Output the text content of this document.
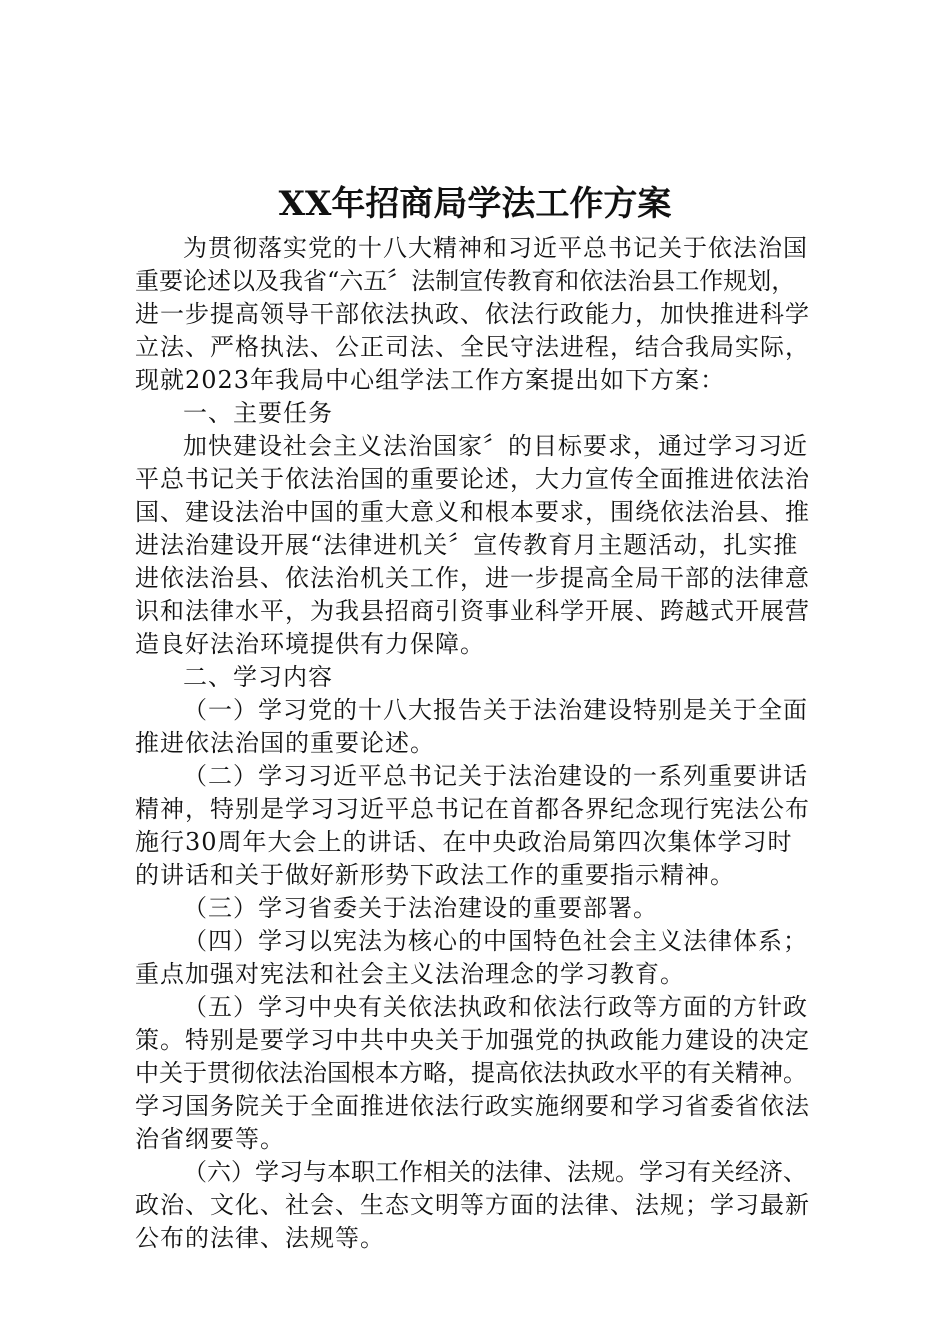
XX年招商局学法工作方案

为贯彻落实党的十八大精神和习近平总书记关于依法治国
重要论述以及我省“六五〞法制宣传教育和依法治县工作规划，
进一步提高领导干部依法执政、依法行政能力，加快推进科学
立法、严格执法、公正司法、全民守法进程，结合我局实际，
现就2023年我局中心组学法工作方案提出如下方案：

一、主要任务

加快建设社会主义法治国家〞的目标要求，通过学习习近
平总书记关于依法治国的重要论述，大力宣传全面推进依法治
国、建设法治中国的重大意义和根本要求，围绕依法治县、推
进法治建设开展“法律进机关〞宣传教育月主题活动，扎实推
进依法治县、依法治机关工作，进一步提高全局干部的法律意
识和法律水平，为我县招商引资事业科学开展、跨越式开展营
造良好法治环境提供有力保障。

二、学习内容

（一）学习党的十八大报告关于法治建设特别是关于全面
推进依法治国的重要论述。

（二）学习习近平总书记关于法治建设的一系列重要讲话
精神，特别是学习习近平总书记在首都各界纪念现行宪法公布
施行30周年大会上的讲话、在中央政治局第四次集体学习时
的讲话和关于做好新形势下政法工作的重要指示精神。

（三）学习省委关于法治建设的重要部署。

（四）学习以宪法为核心的中国特色社会主义法律体系；
重点加强对宪法和社会主义法治理念的学习教育。

（五）学习中央有关依法执政和依法行政等方面的方针政
策。特别是要学习中共中央关于加强党的执政能力建设的决定
中关于贯彻依法治国根本方略，提高依法执政水平的有关精神。
学习国务院关于全面推进依法行政实施纲要和学习省委省依法
治省纲要等。

（六）学习与本职工作相关的法律、法规。学习有关经济、
政治、文化、社会、生态文明等方面的法律、法规；学习最新
公布的法律、法规等。
